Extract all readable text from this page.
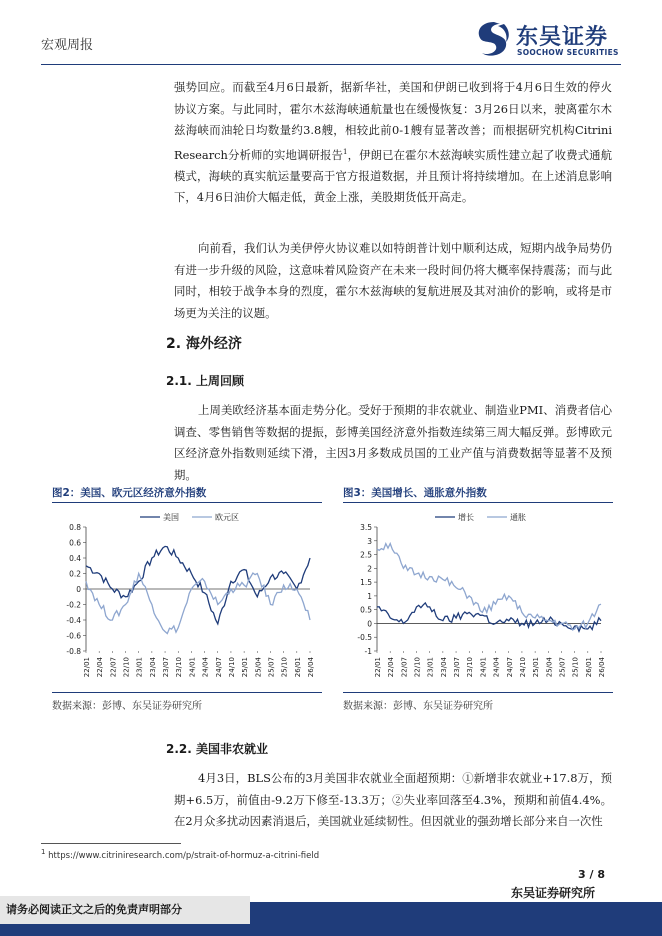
宏观周报	东吴证券
SOOCHOW SECURITIES
强势回应。而截至4月6日最新，据新华社，美国和伊朗已收到将于4月6日生效的停火协议方案。与此同时，霍尔木兹海峡通航量也在缓慢恢复：3月26日以来，驶离霍尔木兹海峡而油轮日均数量约3.8艘，相较此前0-1艘有显著改善；而根据研究机构Citrini Research分析师的实地调研报告$^1$，伊朗已在霍尔木兹海峡实质性建立起了收费式通航模式，海峡的真实航运量要高于官方报道数据，并且预计将持续增加。在上述消息影响下，4月6日油价大幅走低，黄金上涨，美股期货低开高走。
向前看，我们认为美伊停火协议难以如特朗普计划中顺利达成，短期内战争局势仍有进一步升级的风险，这意味着风险资产在未来一段时间仍将大概率保持震荡；而与此同时，相较于战争本身的烈度，霍尔木兹海峡的复航进展及其对油价的影响，或将是市场更为关注的议题。
2. 海外经济
2.1. 上周回顾
上周美欧经济基本面走势分化。受好于预期的非农就业、制造业PMI、消费者信心调查、零售销售等数据的提振，彭博美国经济意外指数连续第三周大幅反弹。彭博欧元区经济意外指数则延续下滑，主因3月多数成员国的工业产值与消费数据等显著不及预期。
图2：美国、欧元区经济意外指数
0.8
0.6
0.4
0.2
0
-0.2
-0.4
-0.6
-0.8
22/01 22/04 22/07 22/10 23/01 23/04 23/07 23/10 24/01 24/04 24/07 24/10 25/01 25/04 25/07 25/10 26/01 26/04
美国	欧元区
数据来源：彭博、东吴证券研究所
图3：美国增长、通胀意外指数
3.5
3
2.5
2
1.5
1
0.5
0
-0.5
-1
22/01 22/04 22/07 22/10 23/01 23/04 23/07 23/10 24/01 24/04 24/07 24/10 25/01 25/04 25/07 25/10 26/01 26/04
增长	通胀
数据来源：彭博、东吴证券研究所
2.2. 美国非农就业
4月3日，BLS公布的3月美国非农就业全面超预期：①新增非农就业+17.8万，预期+6.5万，前值由-9.2万下修至-13.3万；②失业率回落至4.3%，预期和前值4.4%。在2月众多扰动因素消退后，美国就业延续韧性。但因就业的强劲增长部分来自一次性
$^1$ https://www.citriniresearch.com/p/strait-of-hormuz-a-citrini-field
3 / 8
东吴证券研究所
请务必阅读正文之后的免责声明部分
